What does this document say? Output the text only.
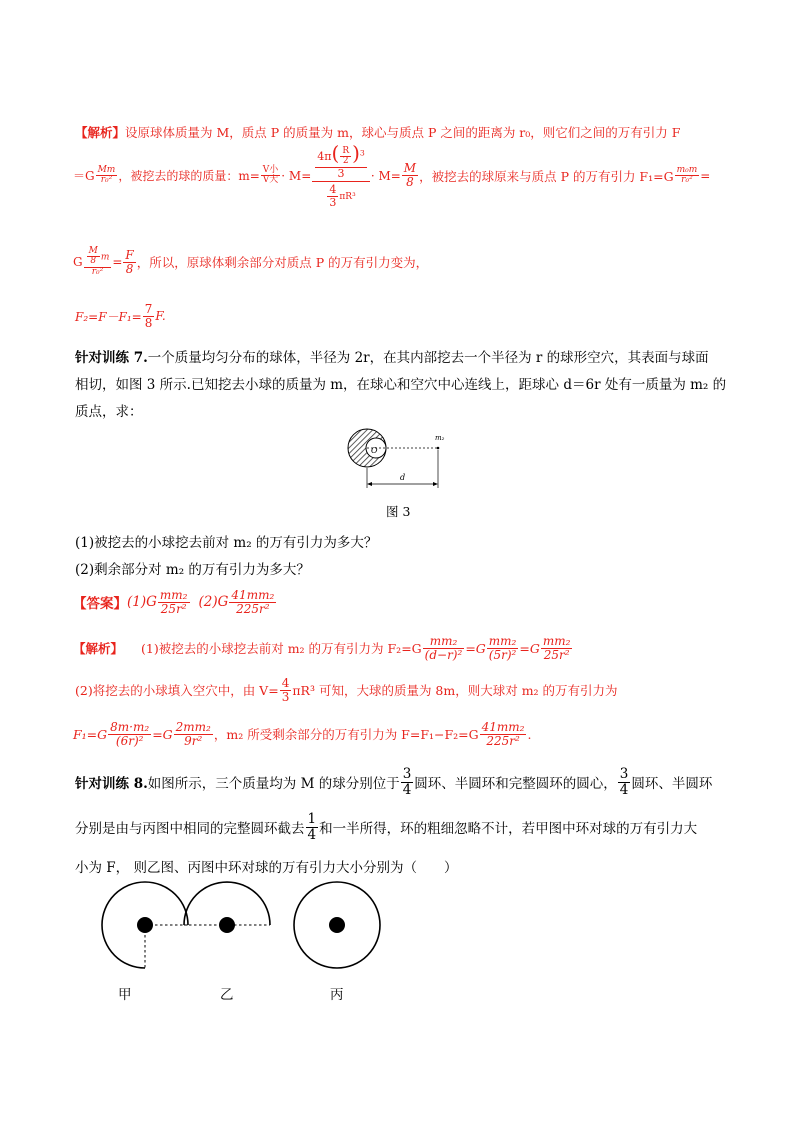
【解析】设原球体质量为 M，质点 P 的质量为 m，球心与质点 P 之间的距离为 r₀，则它们之间的万有引力 F
$=G \frac{Mm}{\text{r₀²}}$ ，被挖去的球的质量：$m= \frac{\text{V小}}{\text{V大}} \cdot M= \frac{\frac{4\pi( \frac{R}{2} )^3}{3}}{\frac{4}{3} \pi R^3} \cdot M= \frac{M}{8}$ ，被挖去的球原来与质点 P 的万有引力 $F_1=G \frac{\text{m₀m}}{\text{r₀²}}$ =
G $\frac{\frac{M}{8} m}{\text{r₀²}} = \frac{F}{8}$ ，所以，原球体剩余部分对质点 P 的万有引力变为，
$F_2=F-F_1= \frac{7}{8} F$.
针对训练 7.一个质量均匀分布的球体，半径为 2r，在其内部挖去一个半径为 r 的球形空穴，其表面与球面
相切，如图 3 所示.已知挖去小球的质量为 m，在球心和空穴中心连线上，距球心 d＝6r 处有一质量为 m₂ 的
质点，求：
m₂
O
d
图 3
(1)被挖去的小球挖去前对 m₂ 的万有引力为多大？
(2)剩余部分对 m₂ 的万有引力为多大？
【答案】 $(1)G \frac{\text{mm₂}}{\text{25r²}} (2)G \frac{\text{41mm₂}}{\text{225r²}}$
【解析】 (1)被挖去的小球挖去前对 m₂ 的万有引力为 $F_2=G \frac{\text{mm₂}}{\text{(d−r)²}} =G \frac{\text{mm₂}}{\text{(5r)²}} =G \frac{\text{mm₂}}{\text{25r²}}$
(2)将挖去的小球填入空穴中，由 $V= \frac{4}{3} \pi R^3$ 可知，大球的质量为 8m，则大球对 m₂ 的万有引力为
$F_1=G \frac{\text{8m·m₂}}{\text{(6r)²}} =G \frac{\text{2mm₂}}{\text{9r²}}$ ，m₂ 所受剩余部分的万有引力为 $F=F_1-F_2=G \frac{\text{41mm₂}}{\text{225r²}}$ .
针对训练 8. 如图所示，三个质量均为 M 的球分别位于 $\frac{3}{4}$ 圆环、半圆环和完整圆环的圆心， $\frac{3}{4}$ 圆环、半圆环
分别是由与丙图中相同的完整圆环截去 $\frac{1}{4}$ 和一半所得，环的粗细忽略不计，若甲图中环对球的万有引力大
小为 F， 则乙图、丙图中环对球的万有引力大小分别为（　　）
甲	乙	丙
